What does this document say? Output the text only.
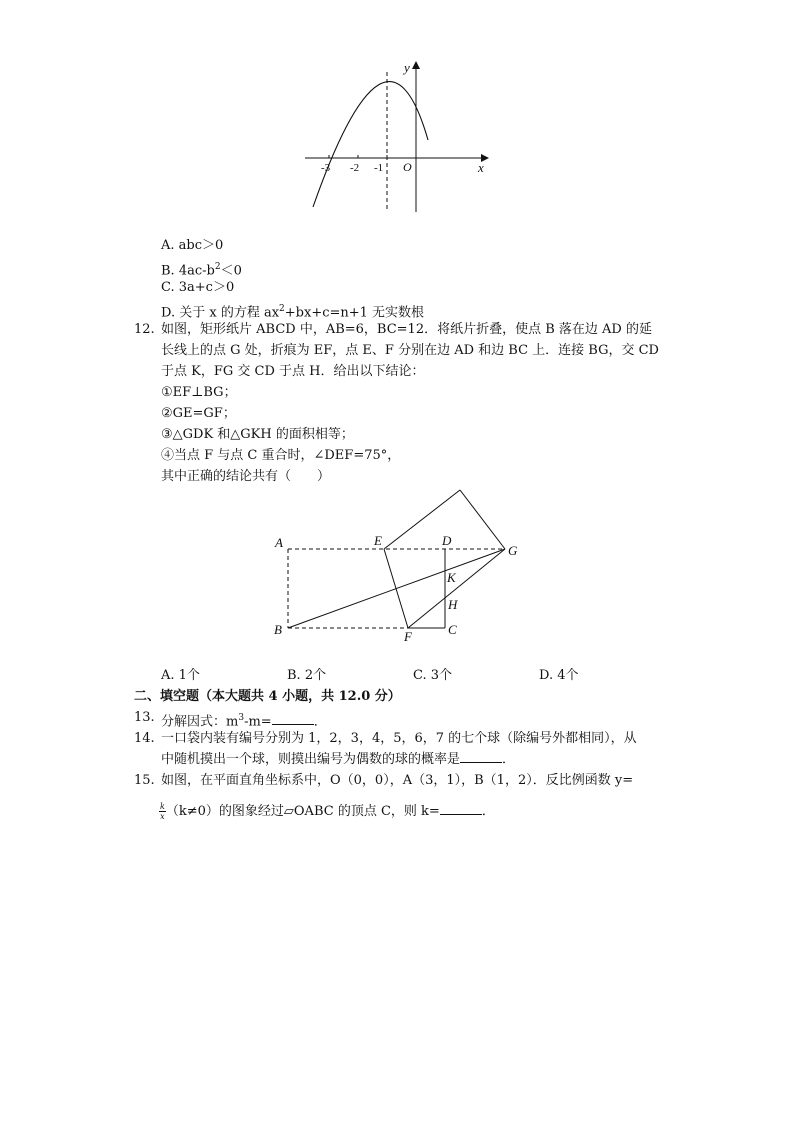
y
x
O
-3 -2 -1
A. abc＞0
B. $4ac-b^2<0$
C. 3a+c＞0
D. 关于 x 的方程 $ax^2+bx+c=n+1$ 无实数根
12. 如图，矩形纸片 ABCD 中，AB=6，BC=12．将纸片折叠，使点 B 落在边 AD 的延
长线上的点 G 处，折痕为 EF，点 E、F 分别在边 AD 和边 BC 上．连接 BG，交 CD
于点 K，FG 交 CD 于点 H．给出以下结论：
①EF⊥BG；
②GE=GF；
③△GDK 和△GKH 的面积相等；
④当点 F 与点 C 重合时，∠DEF=75°，
其中正确的结论共有（　　）
A	E	D
G
K
H
B	F	C
A. 1个	B. 2个	C. 3个	D. 4个
二、填空题（本大题共 4 小题，共 12.0 分）
13. 分解因式：$m^3-m=$	．
14. 一口袋内装有编号分别为 1，2，3，4，5，6，7 的七个球（除编号外都相同），从
中随机摸出一个球，则摸出编号为偶数的球的概率是	．
15. 如图，在平面直角坐标系中，O（0，0），A（3，1），B（1，2）．反比例函数 y=
$\frac{k}{x} (k\ne 0)$的图象经过▱OABC 的顶点 C，则 k=	．
